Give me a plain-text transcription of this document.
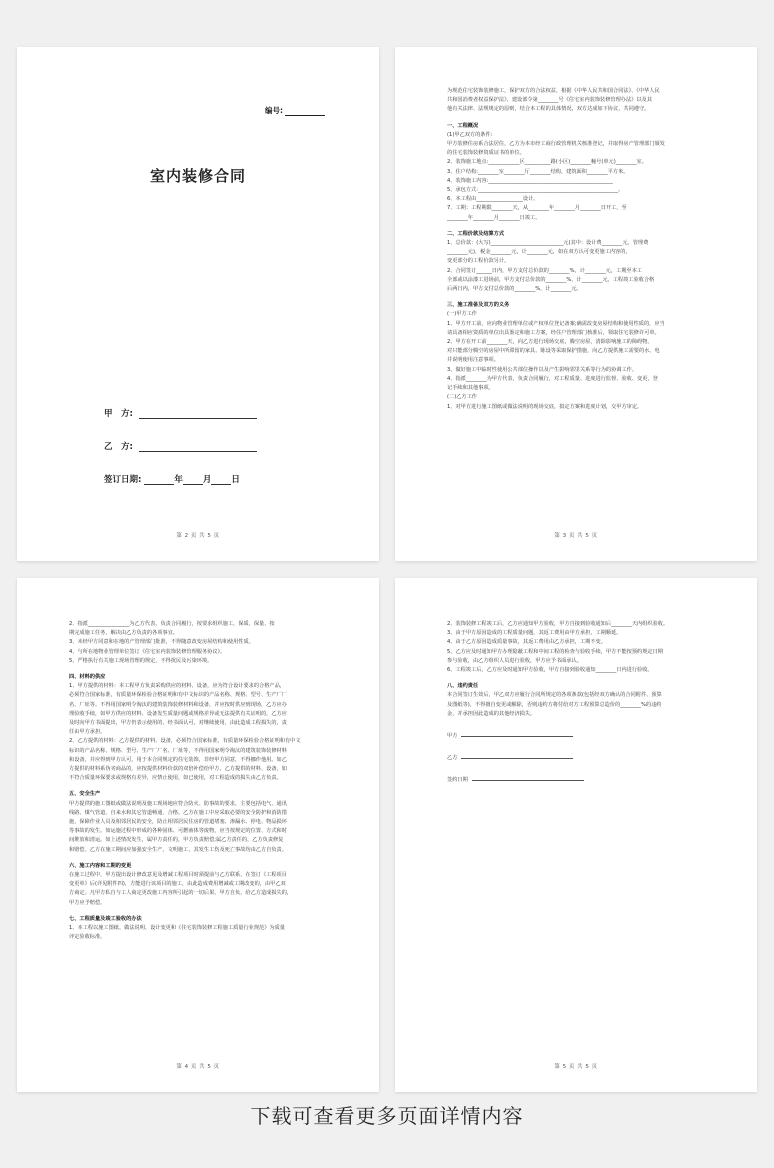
编号:
室内装修合同
甲　方:
乙　方:
签订日期:	年 月 日
第 2 页 共 5 页

为规范住宅装饰装修施工，保护双方的合法权益，根据《中华人民共和国合同法》、《中华人民

共和国消费者权益保护法》、建设部令第________号《住宅室内装饰装修管理办法》以及其

他有关法律、法规规定的原则，结合本工程的具体情况，双方达成如下协议，共同遵守。

一、工程概况

(1)甲乙双方的条件:

甲方装修住房系合法居住，乙方为本市经工商行政管理机关核准登记，并取得房产管理部门颁发

的住宅装饰装修资质证书的单位。

2、装饰施工地点:____________区__________路(小区)________幢号(单元)________室。

3、住户结构:________室________厅________结构，建筑面积________平方米。

4、装饰施工内容:________________________________________________

5、承包方式:______________________________________________________。

6、本工程由__________________设计。

7、工期：工程期限________天，从________年________月________日开工，至

________年________月________日竣工。

二、工程价款及结算方式

1、总价款：(大写)____________________________元(其中：设计费________元，管理费

________元)，税金________元，计________元，如在双方认可变更施工内容的，

变更部分的工程价款另计。

2、合同签订______日内，甲方支付总价款的________%，计________元，工期至本工

全部或以涂漆工进场前，甲方支付总价款的________%，计________元，工程竣工验收合格

后两日内，甲方支付总价款的________%，计________元。

三、施工准备及双方的义务

(一)甲方工作

1、甲方开工前，应向物业管理单位或产权单位登记备案;确需改变房屋结构和使用性质的，应当

请具备相应资质的单位出具鉴定和施工方案，经住户管理部门核准后，领取住宅装修许可单。

2、甲方在开工前________天，向乙方进行现场交底，腾空房屋，清除影响施工的障碍物。

对只能部分腾空的房屋中所滞留的家具、陈设等采取保护措施，向乙方提供施工需要的水、电

并说明使用注意事项。

3、做好施工中临时性使用公共部位操作以及产生影响邻里关系等行为的协调工作。

4、指派________为甲方代表，负责合同履行，对工程质量、进度进行监督、验收、变更，登

记手续和其他事项。

(二)乙方工作

1、对甲方进行施工图纸或做法说明的现场交底，拟定方案和进度计划，交甲方审定。

第 3 页 共 5 页

2、指派________________为乙方代表，负责合同履行，按要求组织施工，保质、保量、按

期完成施工任务，解决由乙方负责的各项事宜。

3、未经甲方同意和在地的产管理部门批准，不得随意改变房屋结构和使用性质。

4、与所在地物业管理单位签订《住宅室内装饰装修管理服务协议》。

5、严格执行有关施工现场管理的规定，不得扰民及污染环境。

四、材料的供应

1、甲方提供的材料：本工程甲方负责采购供应的材料、设备，应为符合设计要求的合格产品，

必须符合国家标准，有质量环保检验合格证明和有中文标识的产品名称、规格、型号、生产厂厂

名、厂址等。不得用国家明令淘汰的建筑装饰装修材料和设备，并应按时供应到现场，乙方应办

理验收手续，如甲方供应的材料、设备发生质量问题或规格差异或无法提供有关证明的，乙方应

及时向甲方书面提出，甲方仍表示使用的，经书面认可，对继续使用，由此造成工程损失的，责

任由甲方承担。

2、乙方提供的材料：乙方提供的材料、设备，必须符合国家标准，有质量环保检验合格证明和有中文

标识的产品名称、规格、型号、生产厂厂名、厂址等，不得用国家明令淘汰的建筑装饰装修材料

和设备，并应得到甲方认可，用于本合同规定的住宅装饰，非经甲方同意，不得挪作他用。如乙

方提供的材料系伪劣商品的，应按提供材料价款的双倍补偿给甲方，乙方提供的材料、设备，如

不符合质量环保要求或规格有差异，应禁止使用，如已使用，对工程造成的损失由乙方负责。

五、安全生产

甲方提供的施工图纸或做法说明及施工现场地应符合防火、防事故的要求，主要包括电气、通讯

线路、煤气管道、自来水和其它管道畅通、合格。乙方在施工中应采取必要的安全防护和消防措

施，保障作业人员及相邻居民的安全，防止相邻居民住房的管道堵塞、渗漏水、停电、物品损坏

等事故的发生。如运施过程中形成的各种固体、可燃液体等废物，应当按规定的位置、方式和时

间堆放和清运。如上述情况发生，属甲方责任的，甲方负责赔偿;属乙方责任的，乙方负责修复

和赔偿。乙方在施工期间应加强安全生产，文明施工，其发生工伤及死亡事故均由乙方自负责。

六、施工内容和工期的变更

在施工过程中，甲方提出设计修改意见及增减工程项目时须提前与乙方联系，在签订《工程项目

变更单》后(详见附件四)，方能进行该项目的施工，由此造成费用增减或工期改变的，由甲乙双

方商定。凡甲方私自与工人商定更改施工内容所引起的一切后果，甲方自负，给乙方造成损失的，

甲方应予赔偿。

七、工程质量及竣工验收的办法

1、本工程以施工图纸、做法说明、设计变更和《住宅装饰装修工程施工质量行业规范》为质量

评定验收标准。

第 4 页 共 5 页

2、装饰装修工程竣工后，乙方应通知甲方验收，甲方自接到验收通知后________天内组织验收。

3、由于甲方原因造成的工程质量问题，其返工费用由甲方承担，工期顺延。

4、由于乙方原因造成质量事故，其返工费用由乙方承担，工期不变。

5、乙方应及时通知甲方办理隐蔽工程和中间工程的检查与验收手续，甲方不能按预约规定日期

参与验收，由乙方组织人员进行验收，甲方应予书面承认。

6、工程竣工后，乙方应及时通知甲方验收，甲方自接到验收通知________日内进行验收。

八、违约责任

本合同签订生效后，甲乙双方应履行合同所规定的各项条款(包括经双方确认的合同附件、预算

及图纸等)，不得擅自变更或解除，否则违约方将付给对方工程预算总造价的________%的违约

金，并承担因此造成的其他经济损失。

甲方

乙方

签约日期

第 5 页 共 5 页
下载可查看更多页面详情内容
